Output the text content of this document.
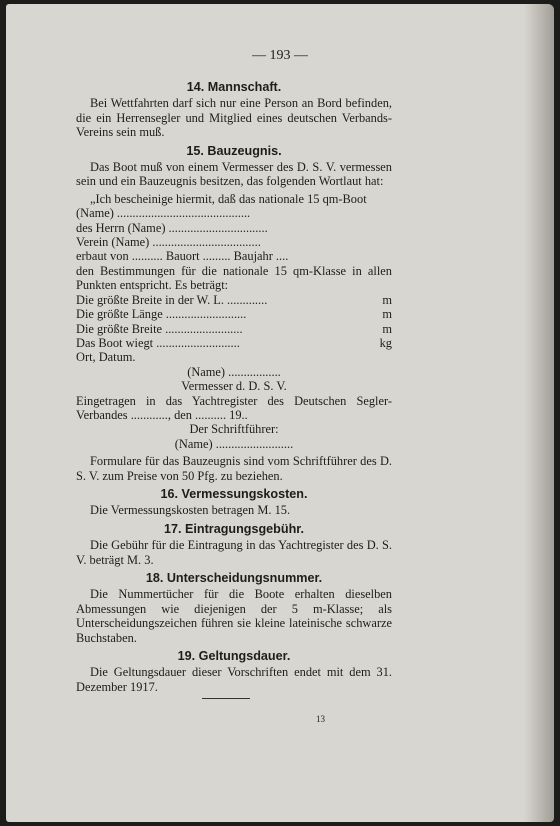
— 193 —
14. Mannschaft.

Bei Wettfahrten darf sich nur eine Person an Bord befinden, die ein Herrensegler und Mitglied eines deutschen Verbands-Vereins sein muß.

15. Bauzeugnis.

Das Boot muß von einem Vermesser des D. S. V. vermessen sein und ein Bauzeugnis besitzen, das folgenden Wortlaut hat:

„Ich bescheinige hiermit, daß das nationale 15 qm-Boot

(Name) ...........................................

des Herrn (Name) ................................

Verein (Name) ...................................

erbaut von .......... Bauort ......... Baujahr ....

den Bestimmungen für die nationale 15 qm-Klasse in allen Punkten entspricht. Es beträgt:

Die größte Breite in der W. L. .............	m
Die größte Länge ..........................	m
Die größte Breite .........................	m
Das Boot wiegt ...........................	kg

Ort, Datum.

(Name) .................

Vermesser d. D. S. V.

Eingetragen in das Yachtregister des Deutschen Segler-Verbandes ............, den .......... 19..

Der Schriftführer:

(Name) .........................

Formulare für das Bauzeugnis sind vom Schriftführer des D. S. V. zum Preise von 50 Pfg. zu beziehen.

16. Vermessungskosten.

Die Vermessungskosten betragen M. 15.

17. Eintragungsgebühr.

Die Gebühr für die Eintragung in das Yachtregister des D. S. V. beträgt M. 3.

18. Unterscheidungsnummer.

Die Nummertücher für die Boote erhalten dieselben Abmessungen wie diejenigen der 5 m-Klasse; als Unterscheidungszeichen führen sie kleine lateinische schwarze Buchstaben.

19. Geltungsdauer.

Die Geltungsdauer dieser Vorschriften endet mit dem 31. Dezember 1917.

13
